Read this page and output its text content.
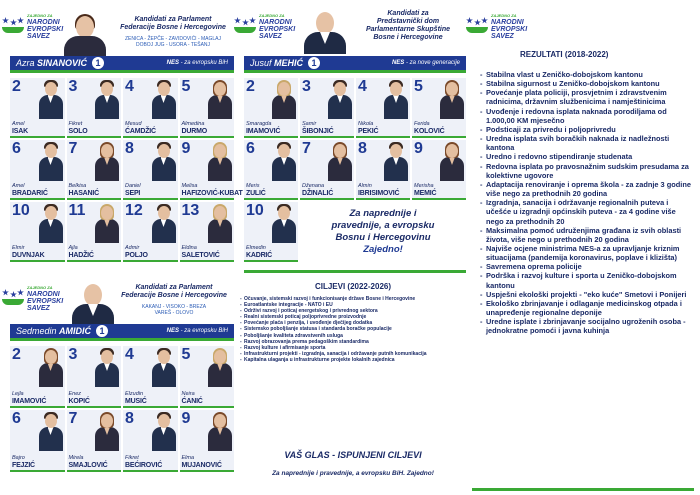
ZAJEDNO ZA
NARODNI
EVROPSKI
SAVEZ
Kandidati za Parlament
Federacije Bosne i Hercegovine
ZENICA - ŽEPČE - ZAVIDOVIĆI - MAGLAJ
DOBOJ JUG - USORA - TEŠANJ
Azra SINANOVIĆ 1	NES - za evropsku BiH
2
Amel
ISAK
3
Fikret
SOLO
4
Mesud
ĆAMDŽIĆ
5
Almedina
DURMO
6
Amel
BRADARIĆ
7
Belkisa
HASANIĆ
8
Daniel
SEPI
9
Melisa
HAFIZOVIĆ-KUBAT
10
Elmir
DUVNJAK
11
Ajla
HADŽIĆ
12
Admir
POLJO
13
Eldina
SALETOVIĆ
ZAJEDNO ZA
NARODNI
EVROPSKI
SAVEZ
Kandidati za
Predstavnički dom
Parlamentarne Skupštine
Bosne i Hercegovine
Jusuf MEHIĆ 1	NES - za nove generacije
2
Smaragda
IMAMOVIĆ
3
Samir
ŠIBONJIĆ
4
Nikola
PEKIĆ
5
Ferida
KOLOVIĆ
6
Meris
ZULIĆ
7
Dženana
DŽINALIĆ
8
Almin
IBRISIMOVIĆ
9
Merisha
MEMIĆ
10
Elmedin
KADRIĆ
Za naprednije i
pravednije, a evropsku
Bosnu i Hercegovinu
Zajedno!
ZAJEDNO ZA
NARODNI
EVROPSKI
SAVEZ
Kandidati za Parlament
Federacije Bosne i Hercegovine
KAKANJ - VISOKO - BREZA
VAREŠ - OLOVO
Sedmedin AMIDIĆ 1	NES - za evropsku BiH
2
Lejla
IMAMOVIĆ
3
Enez
KOPIĆ
4
Elzudin
MUSIĆ
5
Neira
ĆANIĆ
6
Bajro
FEJZIĆ
7
Mirela
SMAJLOVIĆ
8
Fikret
BEĆIROVIĆ
9
Elma
MUJANOVIĆ
CILJEVI (2022-2026)
- Očuvanje, sistemski razvoj i funkcionisanje države Bosne i Hercegovine
- Euroatlantske integracije - NATO i EU
- Održivi razvoj i poticaj energetskog i privrednog sektora
- Realni sistemski poticaj poljoprivredne proizvodnje
- Povećanje plaća i penzija, i uvođenje dječijeg dodatka
- Sistemsko poboljšanje statusa i standarda boračke populacije
- Poboljšanje kvaliteta zdravstvenih usluga
- Razvoj obrazovanja prema pedagoškim standardima
- Razvoj kulture i afirmisanje sporta
- Infrastrukturni projekti - izgradnja, sanacija i održavanje putnih komunikacija
- Kapitalna ulaganja u infrastrukturne projekte lokalnih zajednica
VAŠ GLAS - ISPUNJENI CILJEVI
Za naprednije i pravednije, a evropsku BiH. Zajedno!
ZAJEDNO ZA
NARODNI
EVROPSKI
SAVEZ
REZULTATI (2018-2022)
- Stabilna vlast u Zeničko-dobojskom kantonu
- Stabilna sigurnost u Zeničko-dobojskom kantonu
- Povećanje plata policiji, prosvjetnim i zdravstvenim radnicima, državnim službenicima i namještinicima
- Uvođenje i redovna isplata naknada porodiljama od 1.000,00 KM mjesečno
- Podsticaji za privredu i poljoprivredu
- Uredna isplata svih boračkih naknada iz nadležnosti kantona
- Uredno i redovno stipendiranje studenata
- Redovna isplata po pravosnažnim sudskim presudama za kolektivne ugovore
- Adaptacija renoviranje i oprema škola - za zadnje 3 godine više nego za prethodnih 20 godina
- Izgradnja, sanacija i održavanje regionalnih puteva i učešće u izgradnji općinskih puteva - za 4 godine više nego za prethodnih 20
- Maksimalna pomoć udruženjima građana iz svih oblasti života, više nego u prethodnih 20 godina
- Najviše ocjene ministrima NES-a za upravljanje kriznim situacijama (pandemija koronavirus, poplave i klizišta)
- Savremena oprema policije
- Podrška i razvoj kulture i sporta u Zeničko-dobojskom kantonu
- Uspješni ekološki projekti - "eko kuće" Smetovi i Ponijeri
- Ekološko zbrinjavanje i odlaganje medicinskog otpada i unapređenje regionalne deponije
- Uredne isplate i zbrinjavanje socijalno ugroženih osoba - jednokratne pomoći i javna kuhinja
